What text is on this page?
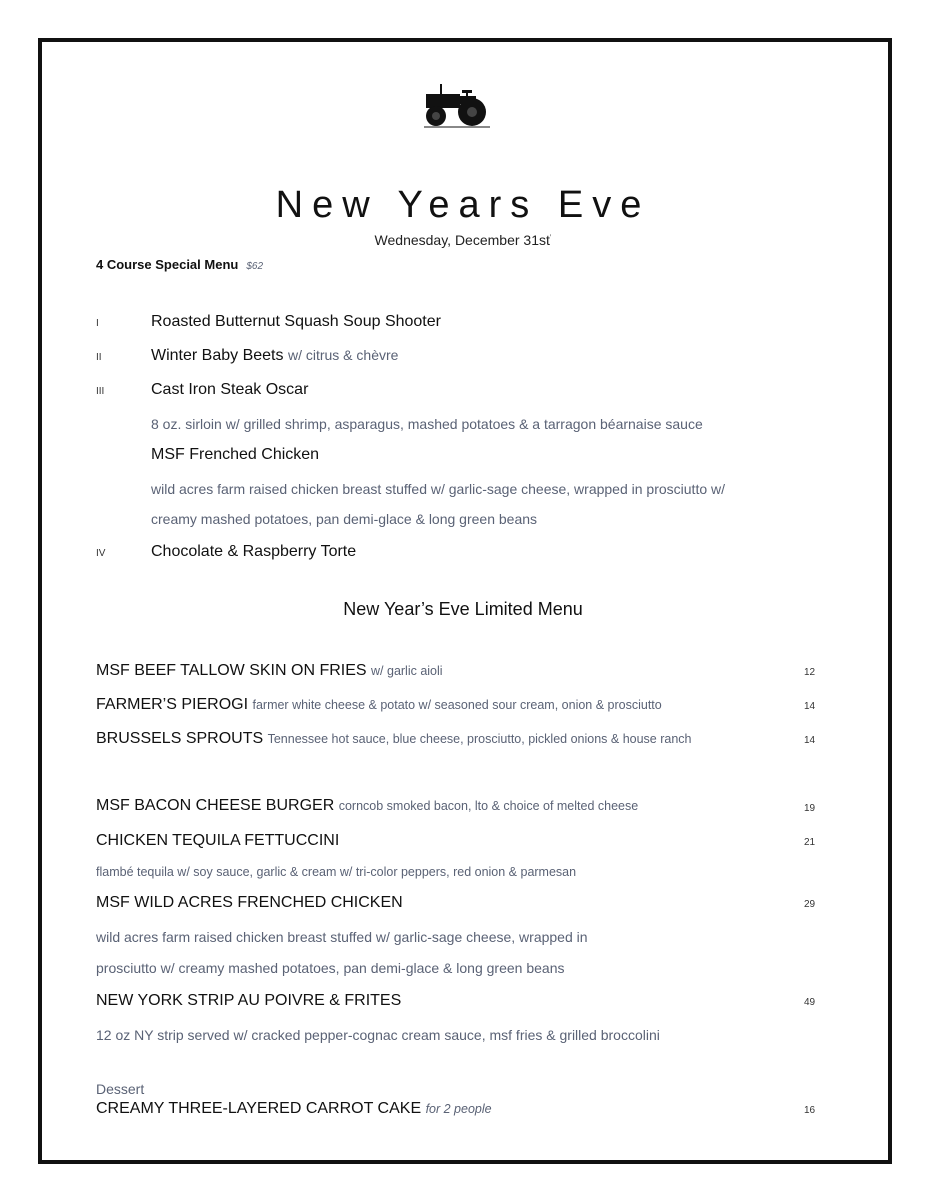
New Years Eve
Wednesday, December 31st’
4 Course Special Menu $62
I	Roasted Butternut Squash Soup Shooter
II	Winter Baby Beets w/ citrus & chèvre
III	Cast Iron Steak Oscar
8 oz. sirloin w/ grilled shrimp, asparagus, mashed potatoes & a tarragon béarnaise sauce
MSF Frenched Chicken
wild acres farm raised chicken breast stuffed w/ garlic-sage cheese, wrapped in prosciutto w/
creamy mashed potatoes, pan demi-glace & long green beans
IV	Chocolate & Raspberry Torte
New Year’s Eve Limited Menu
MSF BEEF TALLOW SKIN ON FRIES w/ garlic aioli	12
FARMER’S PIEROGI farmer white cheese & potato w/ seasoned sour cream, onion & prosciutto	14
BRUSSELS SPROUTS Tennessee hot sauce, blue cheese, prosciutto, pickled onions & house ranch	14
MSF BACON CHEESE BURGER corncob smoked bacon, lto & choice of melted cheese	19
CHICKEN TEQUILA FETTUCCINI	21
flambé tequila w/ soy sauce, garlic & cream w/ tri-color peppers, red onion & parmesan
MSF WILD ACRES FRENCHED CHICKEN	29
wild acres farm raised chicken breast stuffed w/ garlic-sage cheese, wrapped in
prosciutto w/ creamy mashed potatoes, pan demi-glace & long green beans
NEW YORK STRIP AU POIVRE & FRITES	49
12 oz NY strip served w/ cracked pepper-cognac cream sauce, msf fries & grilled broccolini
Dessert
CREAMY THREE-LAYERED CARROT CAKE for 2 people	16
